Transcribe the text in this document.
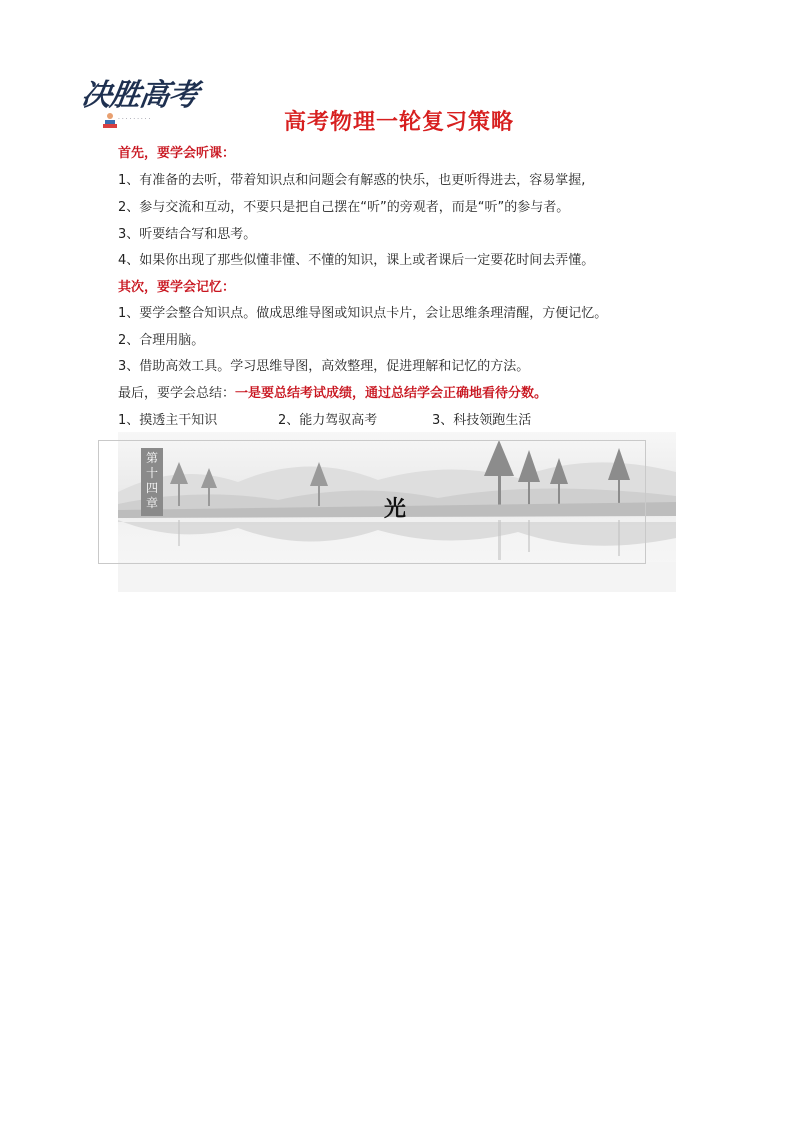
决胜高考
· · · · · · · · ·	高考物理一轮复习策略
首先，要学会听课：
1、有准备的去听，带着知识点和问题会有解惑的快乐，也更听得进去，容易掌握,
2、参与交流和互动，不要只是把自己摆在“听”的旁观者，而是“听”的参与者。
3、听要结合写和思考。
4、如果你出现了那些似懂非懂、不懂的知识，课上或者课后一定要花时间去弄懂。
其次，要学会记忆：
1、要学会整合知识点。做成思维导图或知识点卡片，会让思维条理清醒，方便记忆。
2、合理用脑。
3、借助高效工具。学习思维导图，高效整理，促进理解和记忆的方法。
最后，要学会总结：一是要总结考试成绩，通过总结学会正确地看待分数。
1、摸透主干知识	2、能力驾驭高考	3、科技领跑生活
第
十
四
章	光
